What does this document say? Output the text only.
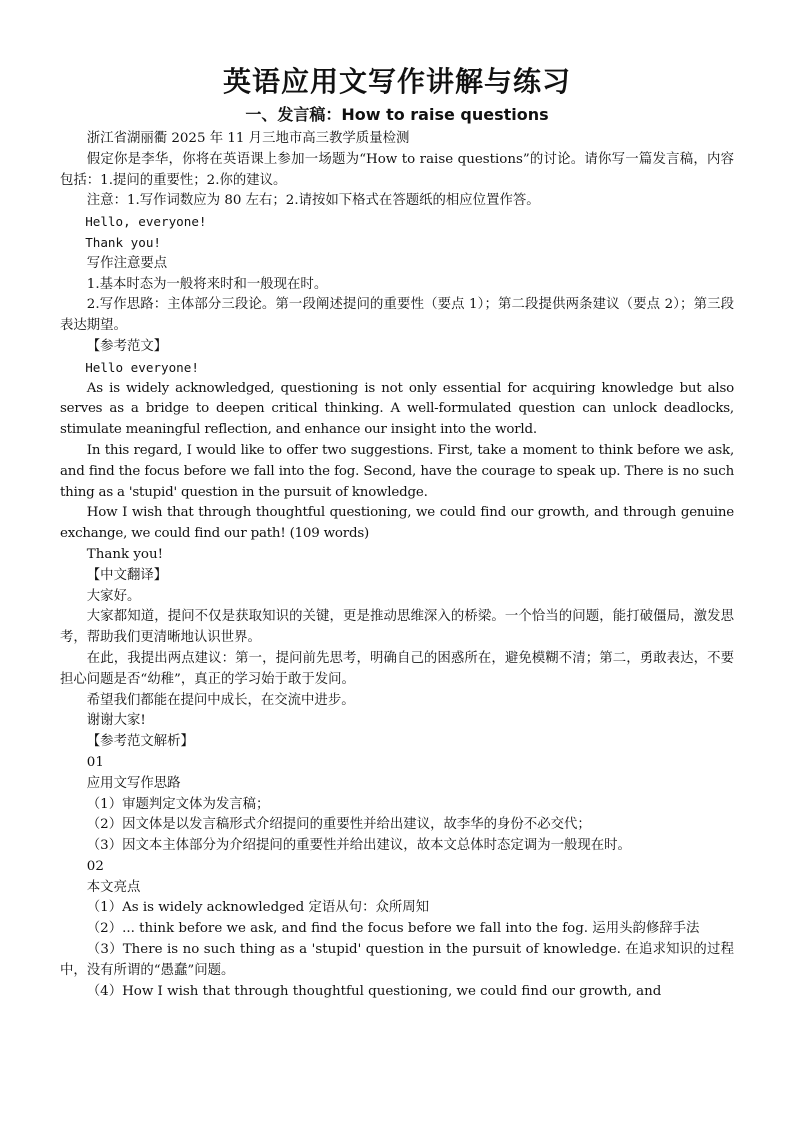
英语应用文写作讲解与练习
一、发言稿：How to raise questions

浙江省湖丽衢 2025 年 11 月三地市高三教学质量检测

假定你是李华，你将在英语课上参加一场题为“How to raise questions”的讨论。请你写一篇发言稿，内容包括：1.提问的重要性；2.你的建议。

注意：1.写作词数应为 80 左右；2.请按如下格式在答题纸的相应位置作答。

Hello, everyone!

Thank you!

写作注意要点

1.基本时态为一般将来时和一般现在时。

2.写作思路：主体部分三段论。第一段阐述提问的重要性（要点 1）；第二段提供两条建议（要点 2）；第三段表达期望。

【参考范文】

Hello everyone!

As is widely acknowledged, questioning is not only essential for acquiring knowledge but also serves as a bridge to deepen critical thinking. A well-formulated question can unlock deadlocks, stimulate meaningful reflection, and enhance our insight into the world.

In this regard, I would like to offer two suggestions. First, take a moment to think before we ask, and find the focus before we fall into the fog. Second, have the courage to speak up. There is no such thing as a 'stupid' question in the pursuit of knowledge.

How I wish that through thoughtful questioning, we could find our growth, and through genuine exchange, we could find our path! (109 words)

Thank you!

【中文翻译】

大家好。

大家都知道，提问不仅是获取知识的关键，更是推动思维深入的桥梁。一个恰当的问题，能打破僵局，激发思考，帮助我们更清晰地认识世界。

在此，我提出两点建议：第一，提问前先思考，明确自己的困惑所在，避免模糊不清；第二，勇敢表达，不要担心问题是否“幼稚”，真正的学习始于敢于发问。

希望我们都能在提问中成长，在交流中进步。

谢谢大家!

【参考范文解析】

01

应用文写作思路

（1）审题判定文体为发言稿；

（2）因文体是以发言稿形式介绍提问的重要性并给出建议，故李华的身份不必交代；

（3）因文本主体部分为介绍提问的重要性并给出建议，故本文总体时态定调为一般现在时。

02

本文亮点

（1）As is widely acknowledged 定语从句：众所周知

（2）... think before we ask, and find the focus before we fall into the fog. 运用头韵修辞手法

（3）There is no such thing as a 'stupid' question in the pursuit of knowledge. 在追求知识的过程中，没有所谓的“愚蠢”问题。

（4）How I wish that through thoughtful questioning, we could find our growth, and
